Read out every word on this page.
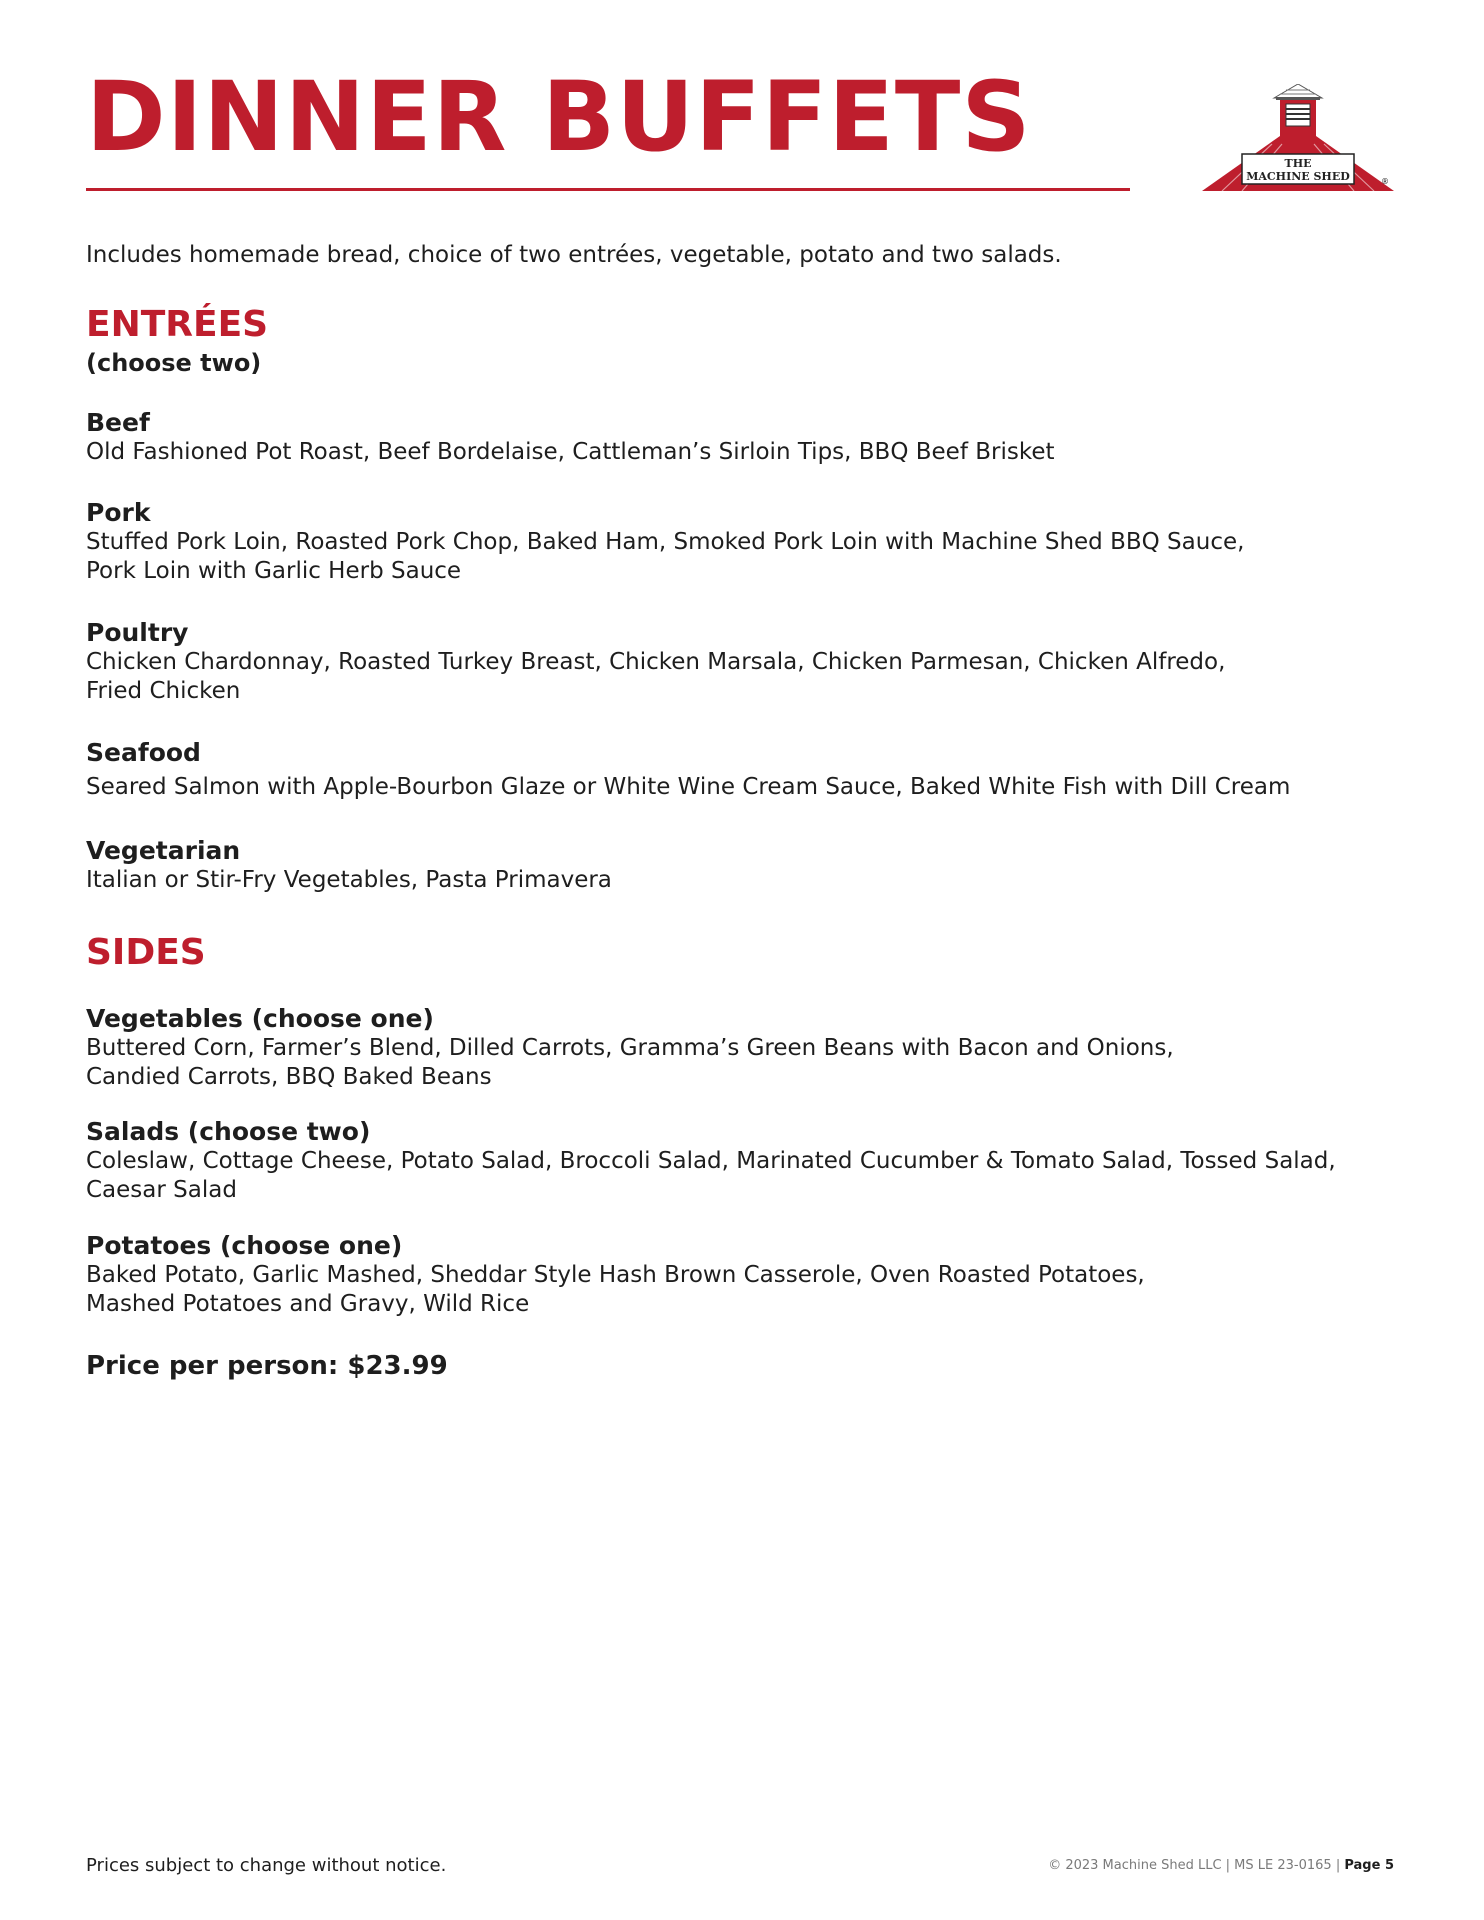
DINNER BUFFETS	THE
MACHINE SHED	®

Includes homemade bread, choice of two entrées, vegetable, potato and two salads.

ENTRÉES

(choose two)

Beef

Old Fashioned Pot Roast, Beef Bordelaise, Cattleman’s Sirloin Tips, BBQ Beef Brisket

Pork

Stuffed Pork Loin, Roasted Pork Chop, Baked Ham, Smoked Pork Loin with Machine Shed BBQ Sauce,

Pork Loin with Garlic Herb Sauce

Poultry

Chicken Chardonnay, Roasted Turkey Breast, Chicken Marsala, Chicken Parmesan, Chicken Alfredo,

Fried Chicken

Seafood

Seared Salmon with Apple-Bourbon Glaze or White Wine Cream Sauce, Baked White Fish with Dill Cream

Vegetarian

Italian or Stir-Fry Vegetables, Pasta Primavera

SIDES

Vegetables (choose one)

Buttered Corn, Farmer’s Blend, Dilled Carrots, Gramma’s Green Beans with Bacon and Onions,

Candied Carrots, BBQ Baked Beans

Salads (choose two)

Coleslaw, Cottage Cheese, Potato Salad, Broccoli Salad, Marinated Cucumber & Tomato Salad, Tossed Salad,

Caesar Salad

Potatoes (choose one)

Baked Potato, Garlic Mashed, Sheddar Style Hash Brown Casserole, Oven Roasted Potatoes,

Mashed Potatoes and Gravy, Wild Rice

Price per person: $23.99

Prices subject to change without notice.	© 2023 Machine Shed LLC | MS LE 23-0165 | Page 5
